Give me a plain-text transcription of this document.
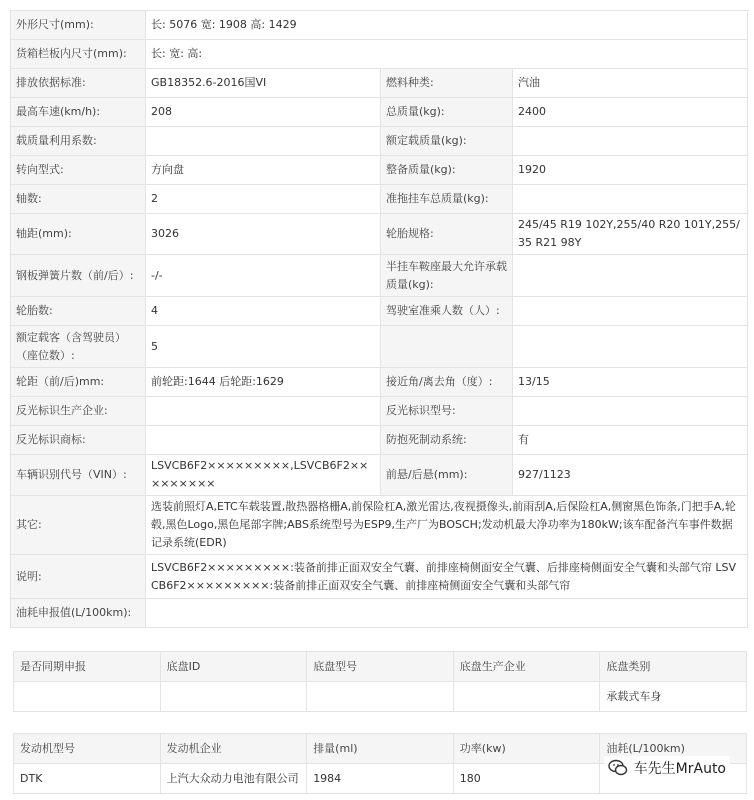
外形尺寸(mm):	长: 5076 宽: 1908 高: 1429		
货箱栏板内尺寸(mm):	长: 宽: 高:		
排放依据标准:	GB18352.6-2016国VI	燃料种类:	汽油
最高车速(km/h):	208	总质量(kg):	2400
载质量利用系数:		额定载质量(kg):	
转向型式:	方向盘	整备质量(kg):	1920
轴数:	2	准拖挂车总质量(kg):	
轴距(mm):	3026	轮胎规格:	245/45 R19 102Y,255/40 R20 101Y,255/35 R21 98Y
钢板弹簧片数（前/后）:	-/-	半挂车鞍座最大允许承载质量(kg):	
轮胎数:	4	驾驶室准乘人数（人）:	
额定载客（含驾驶员）（座位数）:	5		
轮距（前/后)mm:	前轮距:1644 后轮距:1629	接近角/离去角（度）:	13/15
反光标识生产企业:		反光标识型号:	
反光标识商标:		防抱死制动系统:	有
车辆识别代号（VIN）:	LSVCB6F2×××××××××,LSVCB6F2×××××××××	前悬/后悬(mm):	927/1123
其它:	选装前照灯A,ETC车载装置,散热器格栅A,前保险杠A,激光雷达,夜视摄像头,前雨刮A,后保险杠A,侧窗黑色饰条,门把手A,轮毂,黑色Logo,黑色尾部字牌;ABS系统型号为ESP9,生产厂为BOSCH;发动机最大净功率为180kW;该车配备汽车事件数据记录系统(EDR)		
说明:	LSVCB6F2×××××××××:装备前排正面双安全气囊、前排座椅侧面安全气囊、后排座椅侧面安全气囊和头部气帘 LSVCB6F2×××××××××:装备前排正面双安全气囊、前排座椅侧面安全气囊和头部气帘		
油耗申报值(L/100km):			
是否同期申报	底盘ID	底盘型号	底盘生产企业	底盘类别
				承载式车身
发动机型号	发动机企业	排量(ml)	功率(kw)	油耗(L/100km)
DTK	上汽大众动力电池有限公司	1984	180	
车先生MrAuto
